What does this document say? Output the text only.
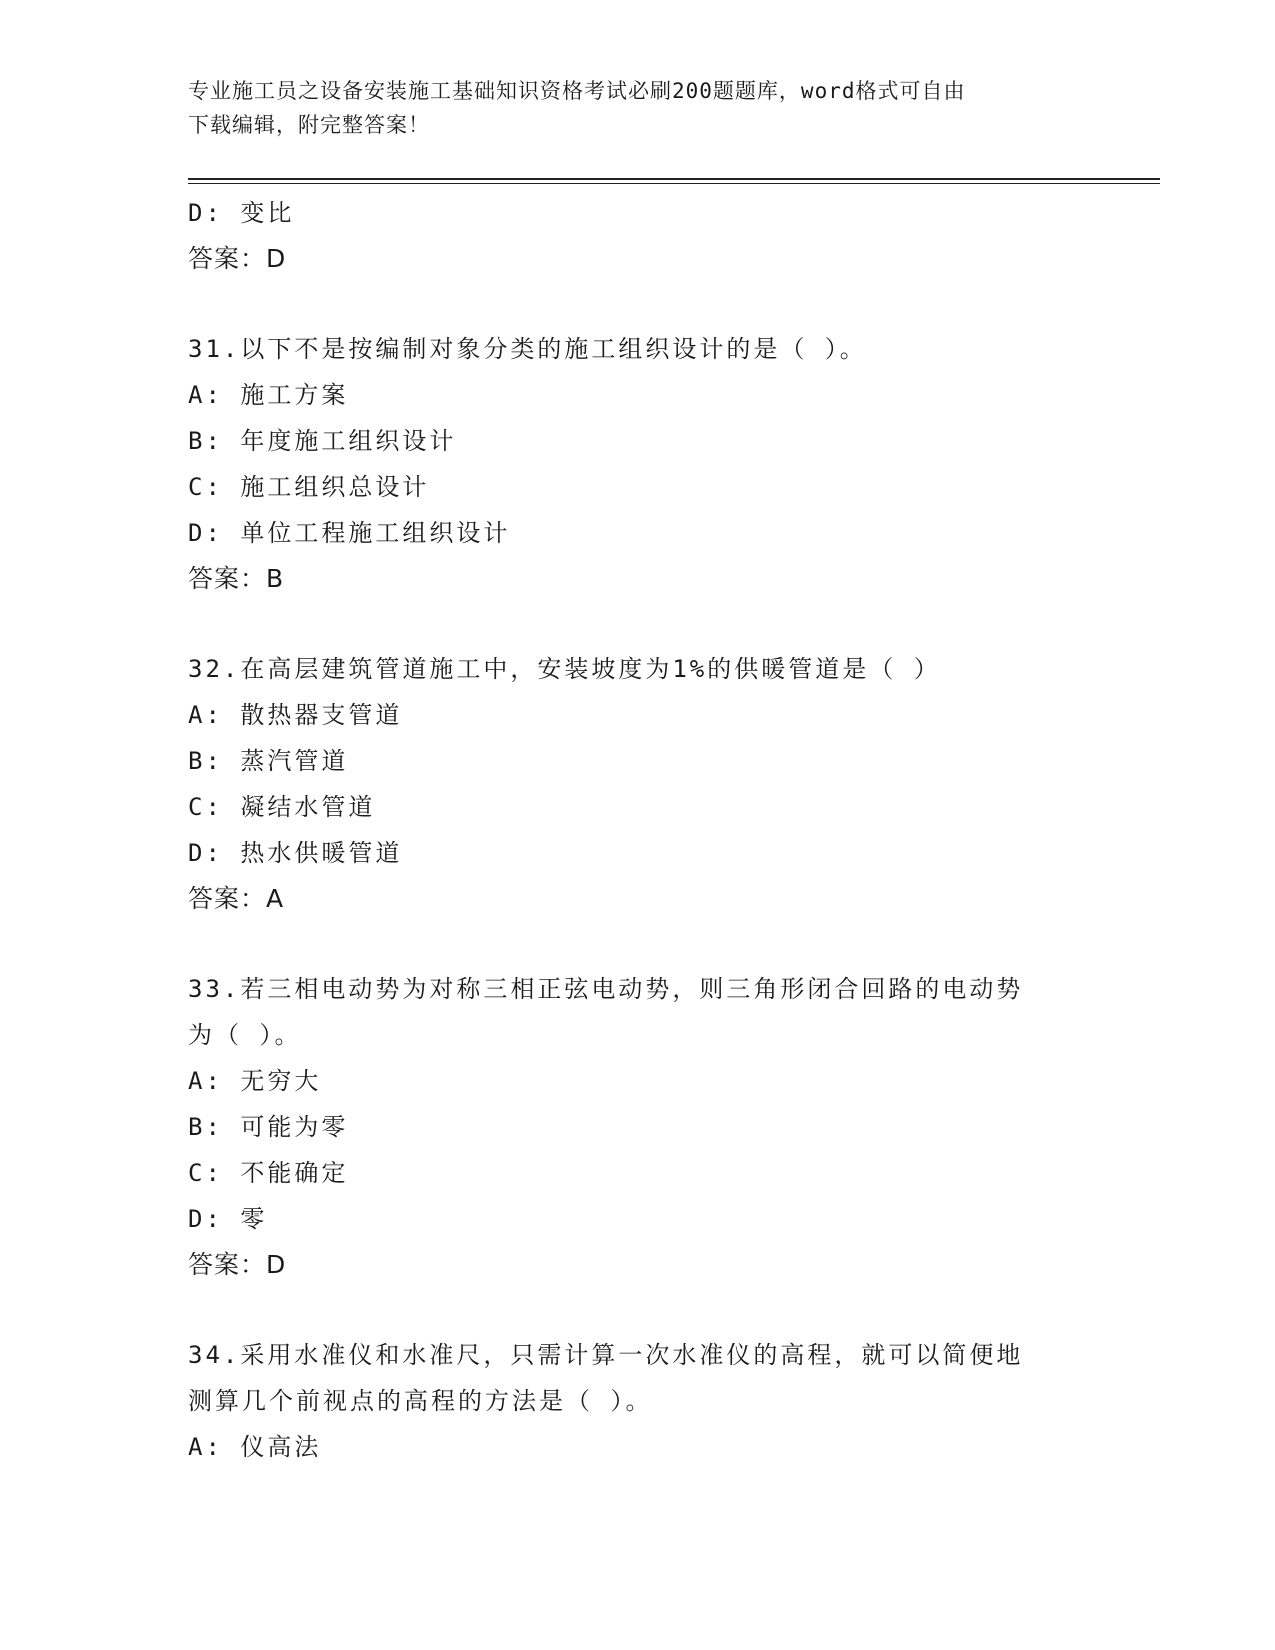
专业施工员之设备安装施工基础知识资格考试必刷200题题库，word格式可自由
下载编辑，附完整答案！
D: 变比
答案：D
31.以下不是按编制对象分类的施工组织设计的是（ ）。
A: 施工方案
B: 年度施工组织设计
C: 施工组织总设计
D: 单位工程施工组织设计
答案：B
32.在高层建筑管道施工中，安装坡度为1%的供暖管道是（ ）
A: 散热器支管道
B: 蒸汽管道
C: 凝结水管道
D: 热水供暖管道
答案：A
33.若三相电动势为对称三相正弦电动势，则三角形闭合回路的电动势
为（ ）。
A: 无穷大
B: 可能为零
C: 不能确定
D: 零
答案：D
34.采用水准仪和水准尺，只需计算一次水准仪的高程，就可以简便地
测算几个前视点的高程的方法是（ ）。
A: 仪高法
